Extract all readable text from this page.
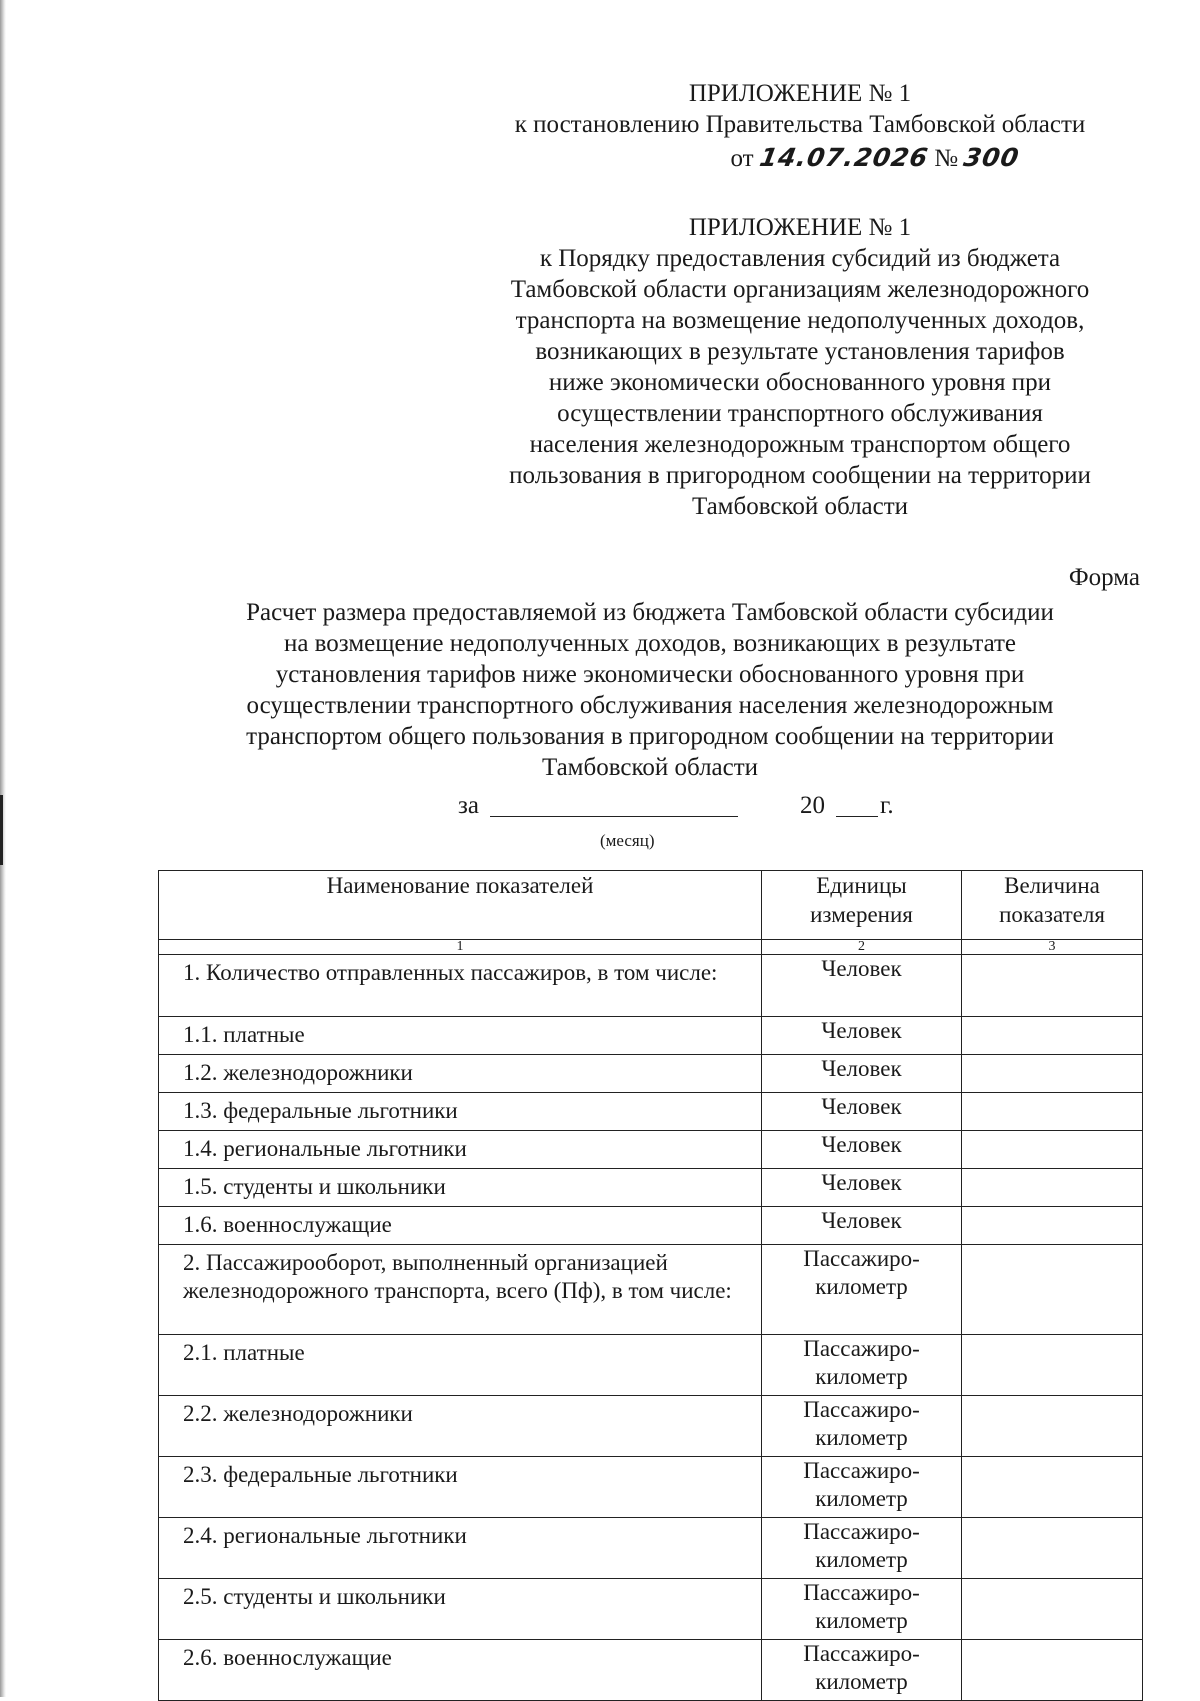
ПРИЛОЖЕНИЕ № 1
к постановлению Правительства Тамбовской области
от 14.07.2026 № 300
ПРИЛОЖЕНИЕ № 1
к Порядку предоставления субсидий из бюджета
Тамбовской области организациям железнодорожного
транспорта на возмещение недополученных доходов,
возникающих в результате установления тарифов
ниже экономически обоснованного уровня при
осуществлении транспортного обслуживания
населения железнодорожным транспортом общего
пользования в пригородном сообщении на территории
Тамбовской области
Форма
Расчет размера предоставляемой из бюджета Тамбовской области субсидии
на возмещение недополученных доходов, возникающих в результате
установления тарифов ниже экономически обоснованного уровня при
осуществлении транспортного обслуживания населения железнодорожным
транспортом общего пользования в пригородном сообщении на территории
Тамбовской области
за	20 г.
(месяц)
Наименование показателей	Единицы измерения	Величина показателя
1	2	3
1. Количество отправленных пассажиров, в том числе:	Человек	
1.1. платные	Человек	
1.2. железнодорожники	Человек	
1.3. федеральные льготники	Человек	
1.4. региональные льготники	Человек	
1.5. студенты и школьники	Человек	
1.6. военнослужащие	Человек	
2. Пассажирооборот, выполненный организацией железнодорожного транспорта, всего (Пф), в том числе:	Пассажиро-километр	
2.1. платные	Пассажиро-километр	
2.2. железнодорожники	Пассажиро-километр	
2.3. федеральные льготники	Пассажиро-километр	
2.4. региональные льготники	Пассажиро-километр	
2.5. студенты и школьники	Пассажиро-километр	
2.6. военнослужащие	Пассажиро-километр	
